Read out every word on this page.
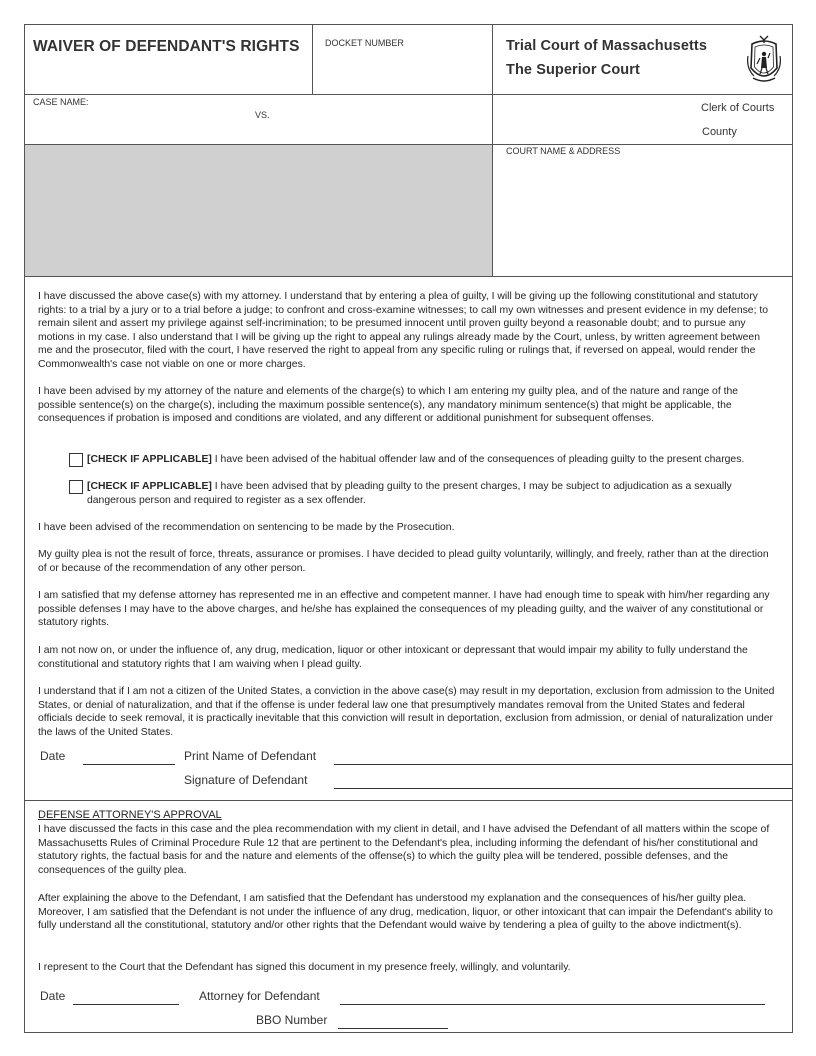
WAIVER OF DEFENDANT'S RIGHTS	DOCKET NUMBER	Trial Court of Massachusetts
The Superior Court
CASE NAME:
VS.
Clerk of Courts
County
COURT NAME & ADDRESS
I have discussed the above case(s) with my attorney. I understand that by entering a plea of guilty, I will be giving up the following constitutional and statutory rights: to a trial by a jury or to a trial before a judge; to confront and cross-examine witnesses; to call my own witnesses and present evidence in my defense; to remain silent and assert my privilege against self-incrimination; to be presumed innocent until proven guilty beyond a reasonable doubt; and to pursue any motions in my case. I also understand that I will be giving up the right to appeal any rulings already made by the Court, unless, by written agreement between me and the prosecutor, filed with the court, I have reserved the right to appeal from any specific ruling or rulings that, if reversed on appeal, would render the Commonwealth's case not viable on one or more charges.
I have been advised by my attorney of the nature and elements of the charge(s) to which I am entering my guilty plea, and of the nature and range of the possible sentence(s) on the charge(s), including the maximum possible sentence(s), any mandatory minimum sentence(s) that might be applicable, the consequences if probation is imposed and conditions are violated, and any different or additional punishment for subsequent offenses.
[CHECK IF APPLICABLE] I have been advised of the habitual offender law and of the consequences of pleading guilty to the present charges.
[CHECK IF APPLICABLE] I have been advised that by pleading guilty to the present charges, I may be subject to adjudication as a sexually dangerous person and required to register as a sex offender.
I have been advised of the recommendation on sentencing to be made by the Prosecution.
My guilty plea is not the result of force, threats, assurance or promises. I have decided to plead guilty voluntarily, willingly, and freely, rather than at the direction of or because of the recommendation of any other person.
I am satisfied that my defense attorney has represented me in an effective and competent manner. I have had enough time to speak with him/her regarding any possible defenses I may have to the above charges, and he/she has explained the consequences of my pleading guilty, and the waiver of any constitutional or statutory rights.
I am not now on, or under the influence of, any drug, medication, liquor or other intoxicant or depressant that would impair my ability to fully understand the constitutional and statutory rights that I am waiving when I plead guilty.
I understand that if I am not a citizen of the United States, a conviction in the above case(s) may result in my deportation, exclusion from admission to the United States, or denial of naturalization, and that if the offense is under federal law one that presumptively mandates removal from the United States and federal officials decide to seek removal, it is practically inevitable that this conviction will result in deportation, exclusion from admission, or denial of naturalization under the laws of the United States.
Date	Print Name of Defendant
Signature of Defendant
DEFENSE ATTORNEY'S APPROVAL
I have discussed the facts in this case and the plea recommendation with my client in detail, and I have advised the Defendant of all matters within the scope of Massachusetts Rules of Criminal Procedure Rule 12 that are pertinent to the Defendant's plea, including informing the defendant of his/her constitutional and statutory rights, the factual basis for and the nature and elements of the offense(s) to which the guilty plea will be tendered, possible defenses, and the consequences of the guilty plea.
After explaining the above to the Defendant, I am satisfied that the Defendant has understood my explanation and the consequences of his/her guilty plea. Moreover, I am satisfied that the Defendant is not under the influence of any drug, medication, liquor, or other intoxicant that can impair the Defendant's ability to fully understand all the constitutional, statutory and/or other rights that the Defendant would waive by tendering a plea of guilty to the above indictment(s).
I represent to the Court that the Defendant has signed this document in my presence freely, willingly, and voluntarily.
Date	Attorney for Defendant
BBO Number
